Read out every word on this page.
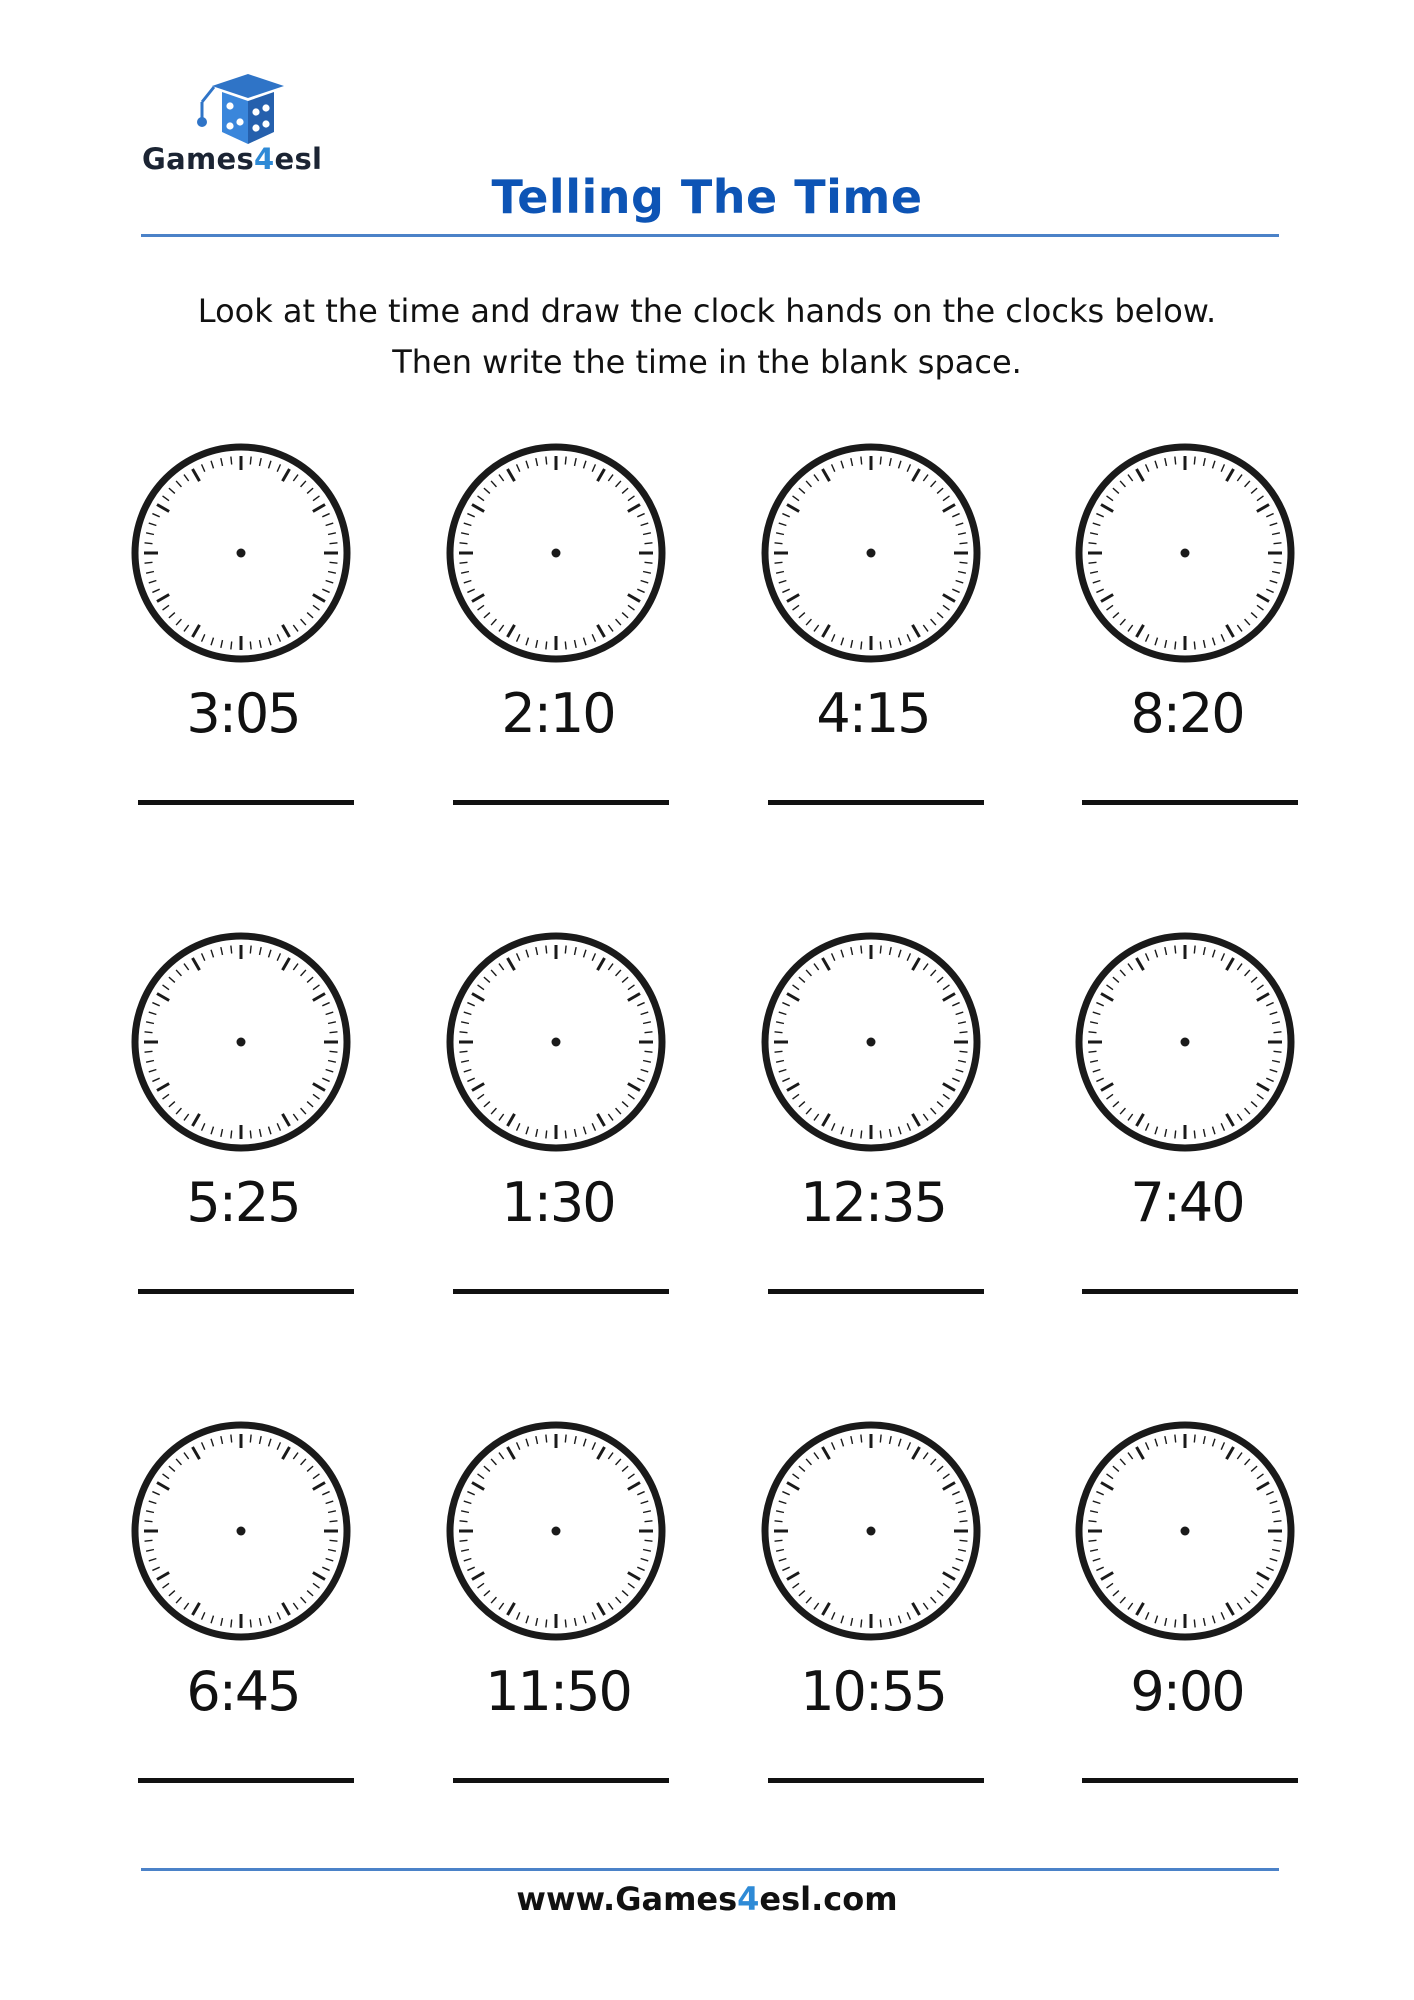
Games4esl
Telling The Time
Look at the time and draw the clock hands on the clocks below.
Then write the time in the blank space.
3:05	2:10	4:15	8:20
5:25	1:30	12:35	7:40
6:45	11:50	10:55	9:00
www.Games4esl.com
